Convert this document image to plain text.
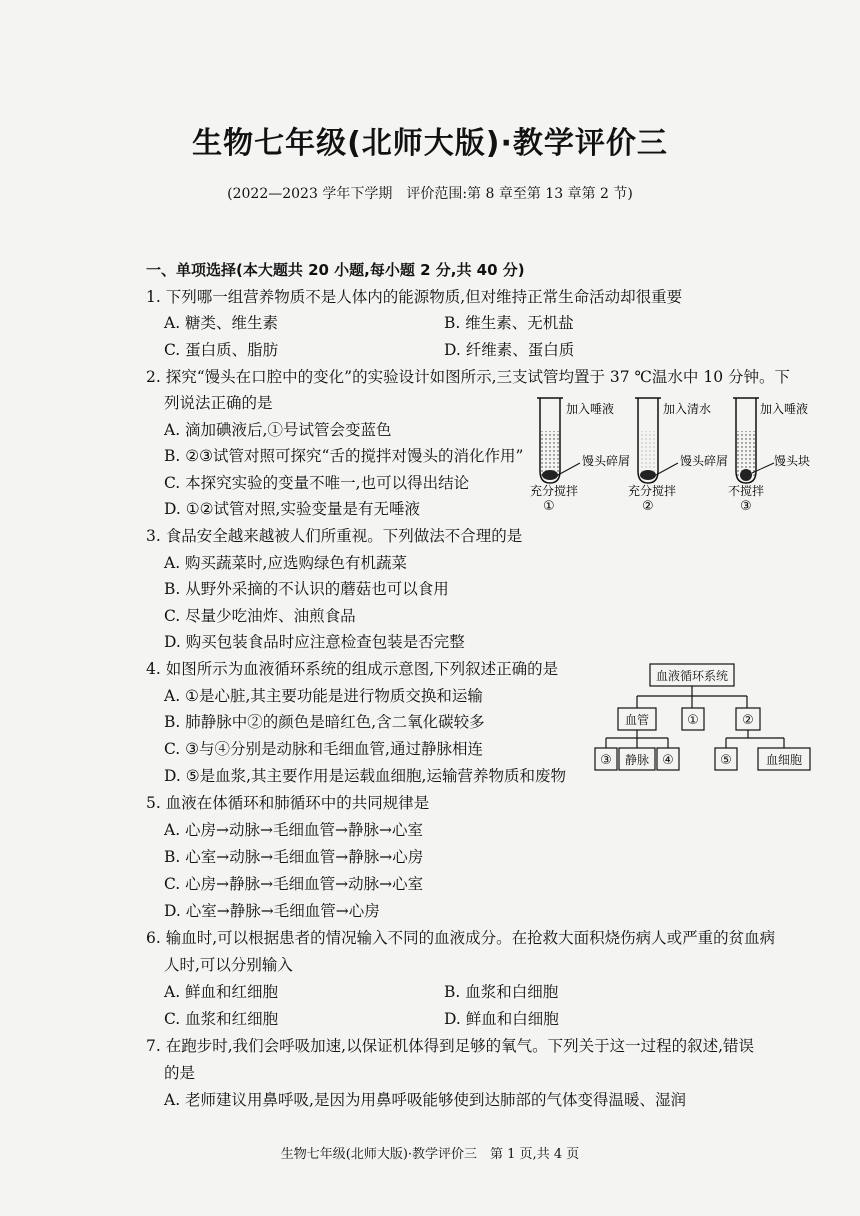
生物七年级(北师大版)·教学评价三
(2022—2023 学年下学期　评价范围:第 8 章至第 13 章第 2 节)
一、单项选择(本大题共 20 小题,每小题 2 分,共 40 分)
1. 下列哪一组营养物质不是人体内的能源物质,但对维持正常生命活动却很重要
A. 糖类、维生素	B. 维生素、无机盐
C. 蛋白质、脂肪	D. 纤维素、蛋白质
2. 探究“馒头在口腔中的变化”的实验设计如图所示,三支试管均置于 37 ℃温水中 10 分钟。下
列说法正确的是
A. 滴加碘液后,①号试管会变蓝色
B. ②③试管对照可探究“舌的搅拌对馒头的消化作用”
C. 本探究实验的变量不唯一,也可以得出结论
D. ①②试管对照,实验变量是有无唾液
加入唾液
馒头碎屑
充分搅拌
①
加入清水
馒头碎屑
充分搅拌
②
加入唾液
馒头块
不搅拌
③
3. 食品安全越来越被人们所重视。下列做法不合理的是
A. 购买蔬菜时,应选购绿色有机蔬菜
B. 从野外采摘的不认识的蘑菇也可以食用
C. 尽量少吃油炸、油煎食品
D. 购买包装食品时应注意检查包装是否完整
4. 如图所示为血液循环系统的组成示意图,下列叙述正确的是
A. ①是心脏,其主要功能是进行物质交换和运输
B. 肺静脉中②的颜色是暗红色,含二氧化碳较多
C. ③与④分别是动脉和毛细血管,通过静脉相连
D. ⑤是血浆,其主要作用是运载血细胞,运输营养物质和废物
血液循环系统
血管	①	②
③ 静脉 ④	⑤	血细胞
5. 血液在体循环和肺循环中的共同规律是
A. 心房→动脉→毛细血管→静脉→心室
B. 心室→动脉→毛细血管→静脉→心房
C. 心房→静脉→毛细血管→动脉→心室
D. 心室→静脉→毛细血管→心房
6. 输血时,可以根据患者的情况输入不同的血液成分。在抢救大面积烧伤病人或严重的贫血病
人时,可以分别输入
A. 鲜血和红细胞	B. 血浆和白细胞
C. 血浆和红细胞	D. 鲜血和白细胞
7. 在跑步时,我们会呼吸加速,以保证机体得到足够的氧气。下列关于这一过程的叙述,错误
的是
A. 老师建议用鼻呼吸,是因为用鼻呼吸能够使到达肺部的气体变得温暖、湿润
生物七年级(北师大版)·教学评价三　第 1 页,共 4 页
